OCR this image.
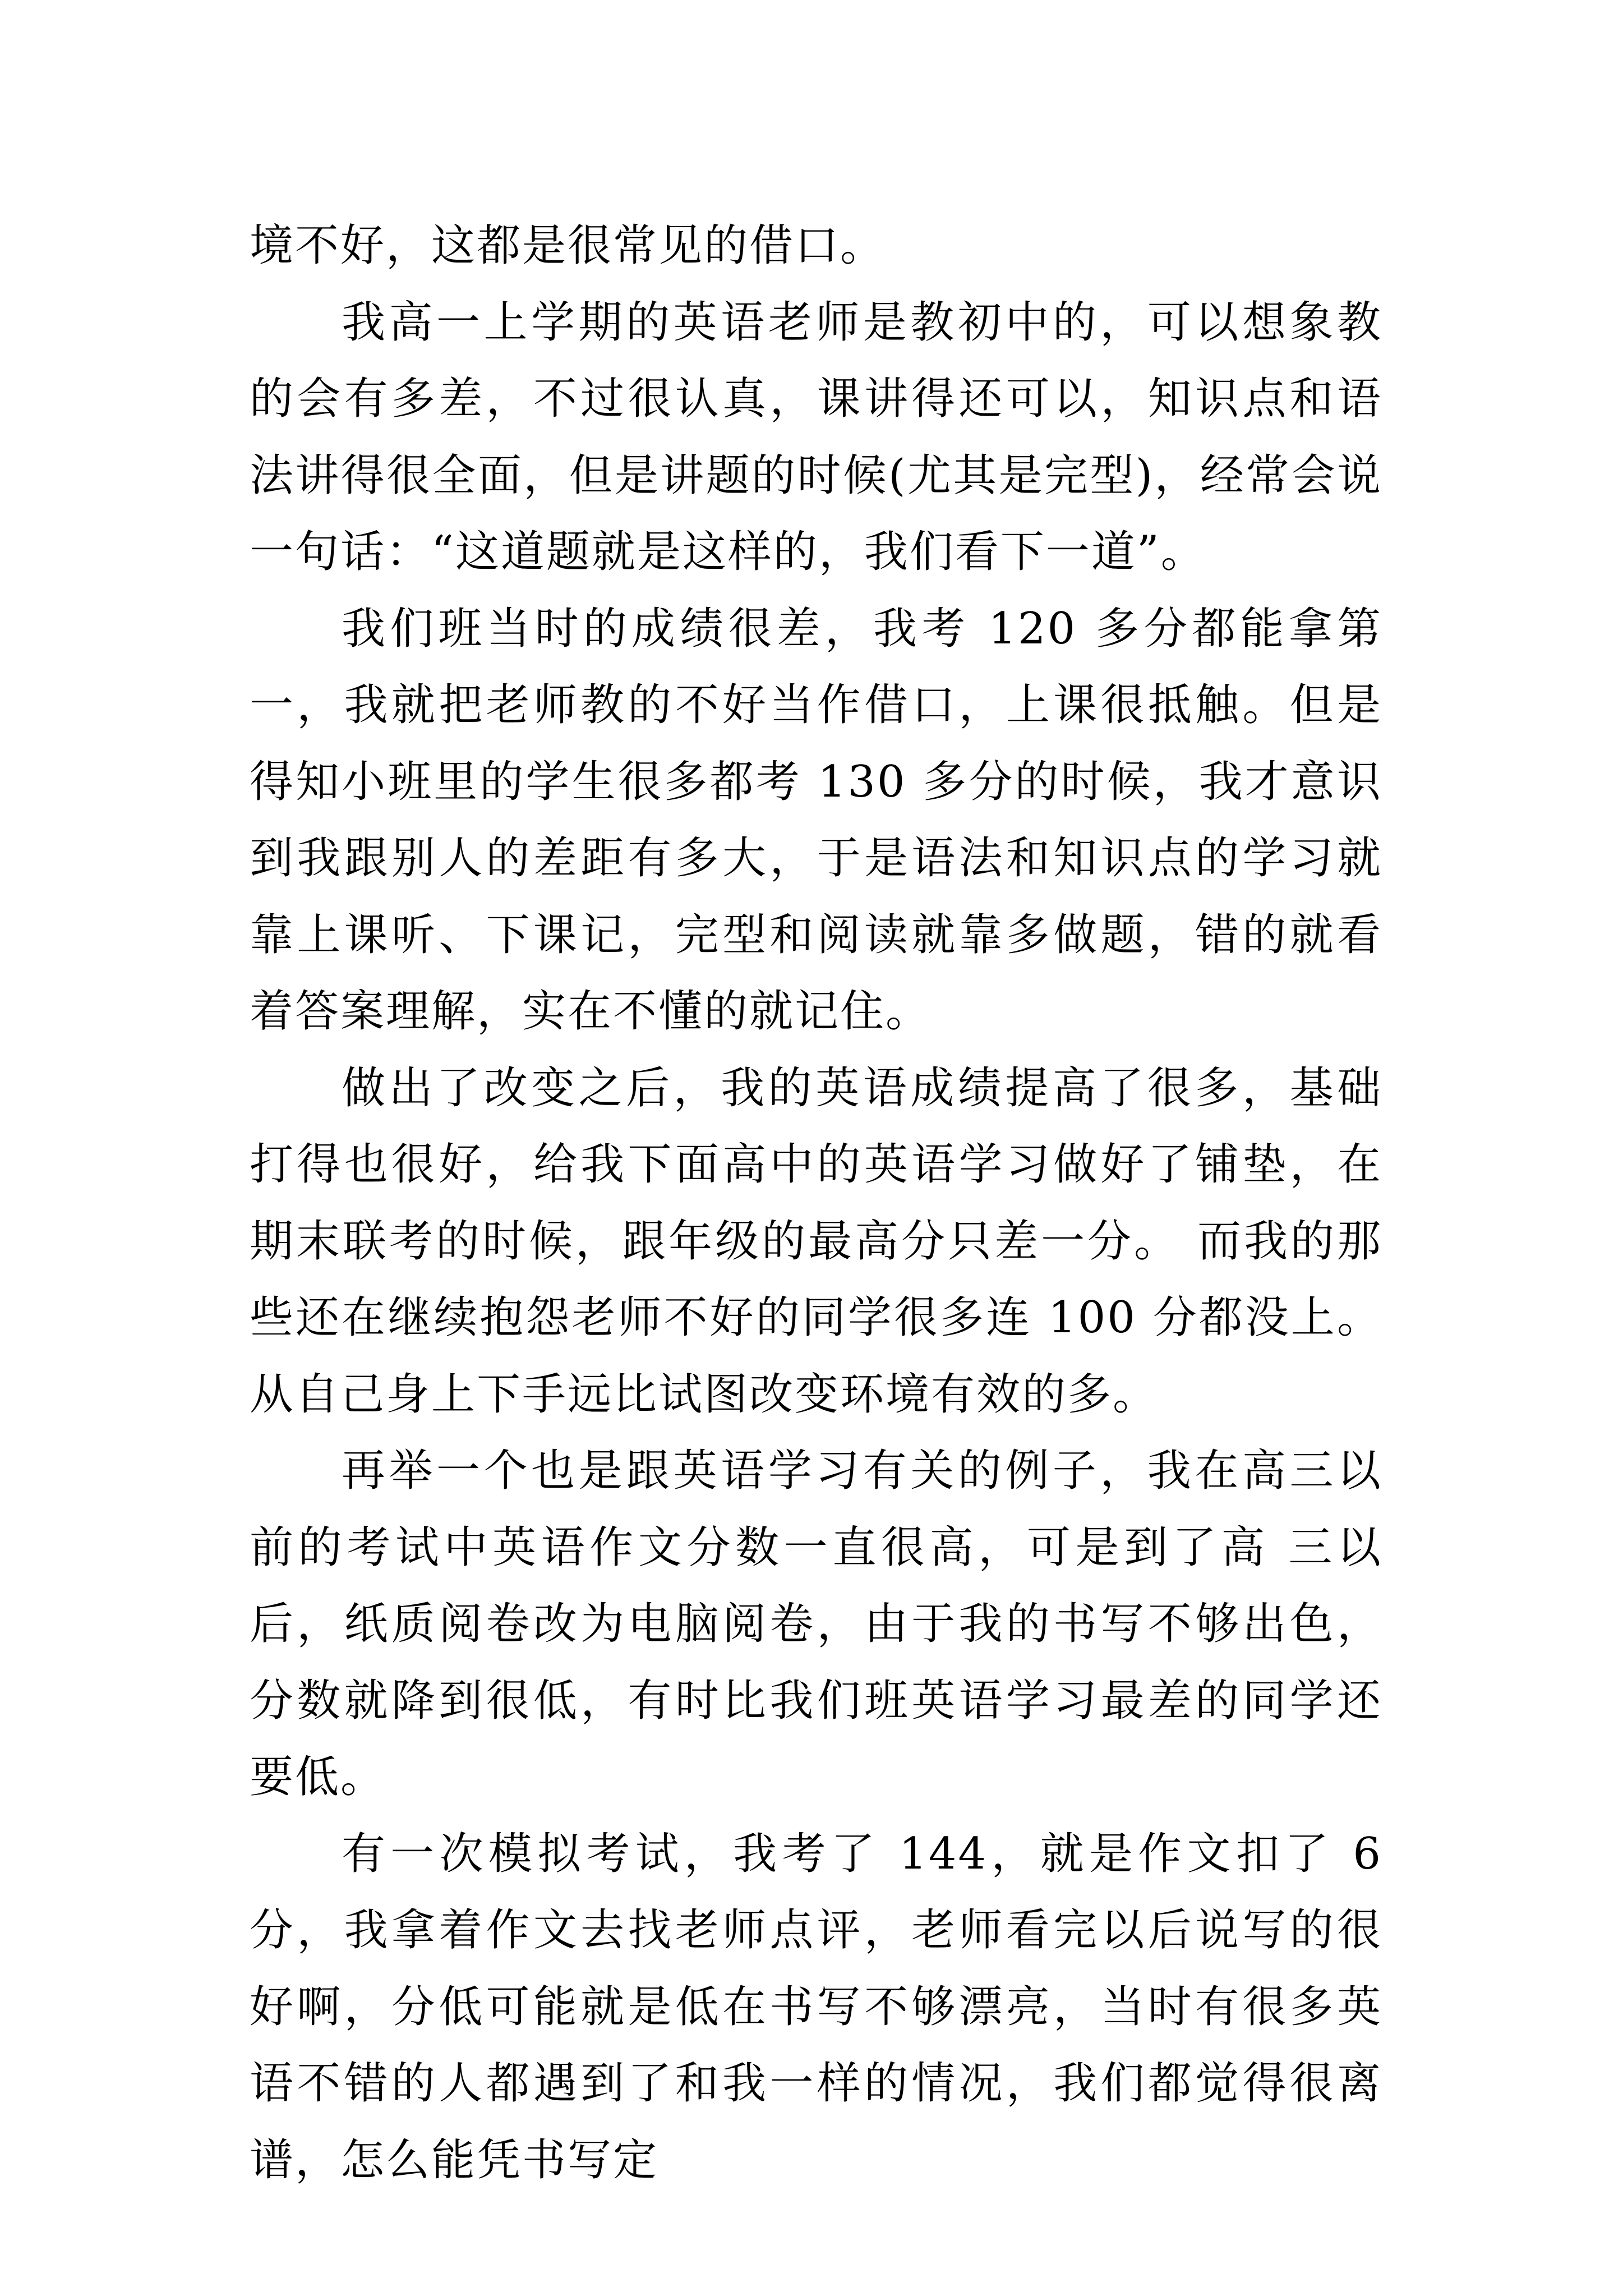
境不好，这都是很常见的借口。

我高一上学期的英语老师是教初中的，可以想象教的会有多差，不过很认真，课讲得还可以，知识点和语法讲得很全面，但是讲题的时候(尤其是完型)，经常会说一句话：“这道题就是这样的，我们看下一道”。

我们班当时的成绩很差，我考 120 多分都能拿第一，我就把老师教的不好当作借口，上课很抵触。但是得知小班里的学生很多都考 130 多分的时候，我才意识到我跟别人的差距有多大，于是语法和知识点的学习就靠上课听、下课记，完型和阅读就靠多做题，错的就看着答案理解，实在不懂的就记住。

做出了改变之后，我的英语成绩提高了很多，基础打得也很好，给我下面高中的英语学习做好了铺垫，在期末联考的时候，跟年级的最高分只差一分。 而我的那些还在继续抱怨老师不好的同学很多连 100 分都没上。从自己身上下手远比试图改变环境有效的多。

再举一个也是跟英语学习有关的例子，我在高三以前的考试中英语作文分数一直很高，可是到了高 三以后，纸质阅卷改为电脑阅卷，由于我的书写不够出色，分数就降到很低，有时比我们班英语学习最差的同学还要低。

有一次模拟考试，我考了 144，就是作文扣了 6 分，我拿着作文去找老师点评，老师看完以后说写的很好啊，分低可能就是低在书写不够漂亮，当时有很多英语不错的人都遇到了和我一样的情况，我们都觉得很离谱，怎么能凭书写定
